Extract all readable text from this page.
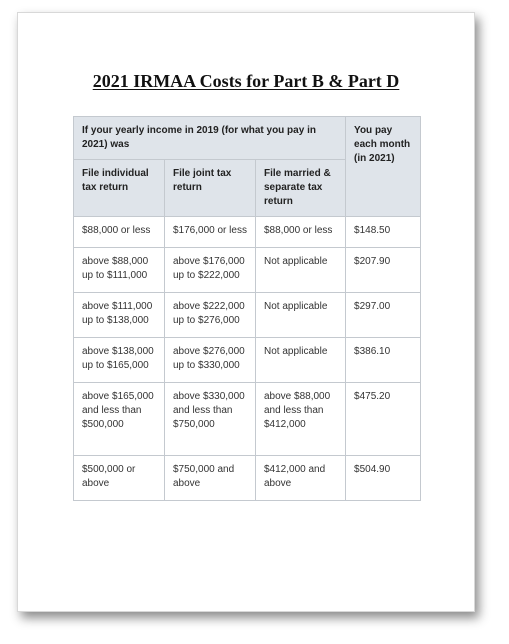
2021 IRMAA Costs for Part B & Part D
If your yearly income in 2019 (for what you pay in 2021) was			You pay each month (in 2021)
File individual tax return	File joint tax return	File married & separate tax return	
$88,000 or less	$176,000 or less	$88,000 or less	$148.50
above $88,000 up to $111,000	above $176,000 up to $222,000	Not applicable	$207.90
above $111,000 up to $138,000	above $222,000 up to $276,000	Not applicable	$297.00
above $138,000 up to $165,000	above $276,000 up to $330,000	Not applicable	$386.10
above $165,000 and less than $500,000	above $330,000 and less than $750,000	above $88,000 and less than $412,000	$475.20
$500,000 or above	$750,000 and above	$412,000 and above	$504.90
